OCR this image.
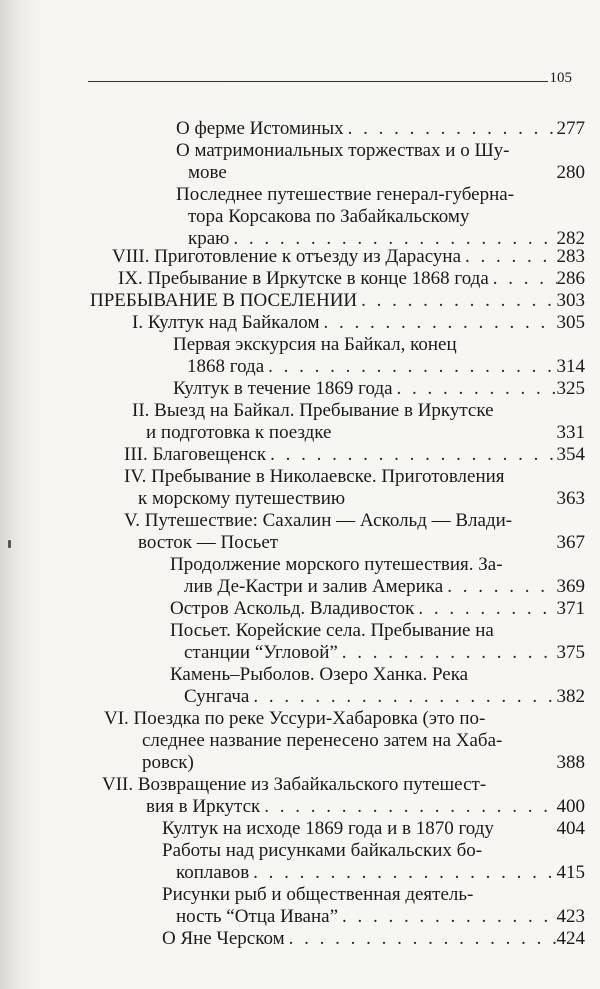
105
О ферме Истоминых . . .	277
О матримониальных торжествах и о Шу-
мове	280
Последнее путешествие генерал-губерна-
тора Корсакова по Забайкальскому
краю . . .	282
VIII. Приготовление к отъезду из Дарасуна . . .	283
IX. Пребывание в Иркутске в конце 1868 года . . .	286
ПРЕБЫВАНИЕ В ПОСЕЛЕНИИ . . .	303
I. Култук над Байкалом . . .	305
Первая экскурсия на Байкал, конец
1868 года . . .	314
Култук в течение 1869 года . . .	325
II. Выезд на Байкал. Пребывание в Иркутске
и подготовка к поездке	331
III. Благовещенск . . .	354
IV. Пребывание в Николаевске. Приготовления
к морскому путешествию	363
V. Путешествие: Сахалин — Аскольд — Влади-
восток — Посьет	367
Продолжение морского путешествия. За-
лив Де-Кастри и залив Америка . . .	369
Остров Аскольд. Владивосток . . .	371
Посьет. Корейские села. Пребывание на
станции “Угловой” . . .	375
Камень–Рыболов. Озеро Ханка. Река
Сунгача . . .	382
VI. Поездка по реке Уссури-Хабаровка (это по-
следнее название перенесено затем на Хаба-
ровск)	388
VII. Возвращение из Забайкальского путешест-
вия в Иркутск . . .	400
Култук на исходе 1869 года и в 1870 году	404
Работы над рисунками байкальских бо-
коплавов . . .	415
Рисунки рыб и общественная деятель-
ность “Отца Ивана” . . .	423
О Яне Черском . . .	424
